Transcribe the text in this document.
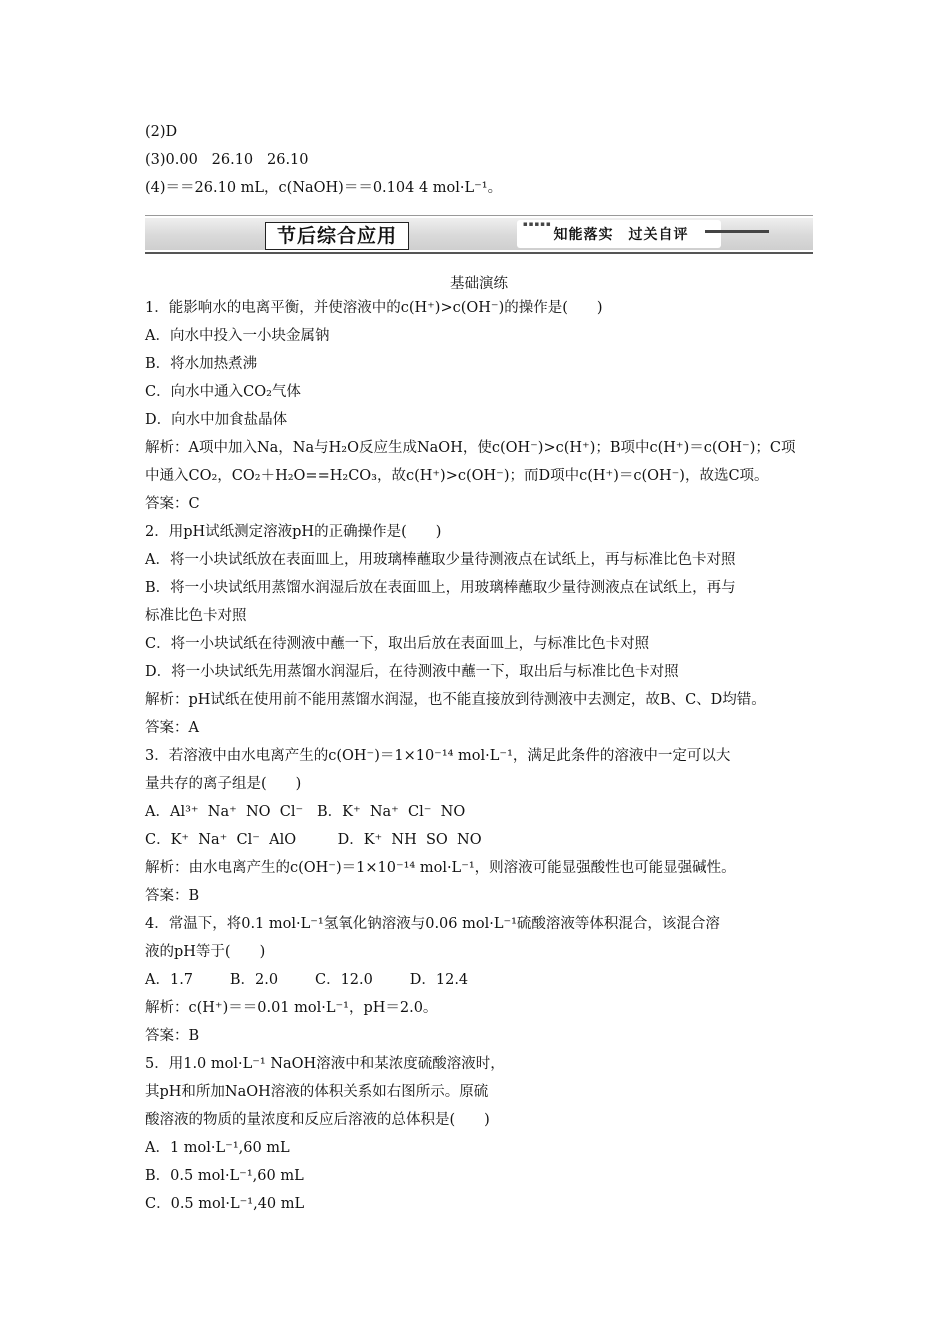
(2)D
(3)0.00   26.10   26.10
(4)＝＝26.10 mL，c(NaOH)＝＝0.104 4 mol·L⁻¹。
节后综合应用
▪▪▪▪▪
知能落实　过关自评
基础演练
1．能影响水的电离平衡，并使溶液中的c(H⁺)>c(OH⁻)的操作是(　　)
A．向水中投入一小块金属钠
B．将水加热煮沸
C．向水中通入CO₂气体
D．向水中加食盐晶体
解析：A项中加入Na，Na与H₂O反应生成NaOH，使c(OH⁻)>c(H⁺)；B项中c(H⁺)＝c(OH⁻)；C项
中通入CO₂，CO₂＋H₂O==H₂CO₃，故c(H⁺)>c(OH⁻)；而D项中c(H⁺)＝c(OH⁻)，故选C项。
答案：C
2．用pH试纸测定溶液pH的正确操作是(　　)
A．将一小块试纸放在表面皿上，用玻璃棒蘸取少量待测液点在试纸上，再与标准比色卡对照
B．将一小块试纸用蒸馏水润湿后放在表面皿上，用玻璃棒蘸取少量待测液点在试纸上，再与
标准比色卡对照
C．将一小块试纸在待测液中蘸一下，取出后放在表面皿上，与标准比色卡对照
D．将一小块试纸先用蒸馏水润湿后，在待测液中蘸一下，取出后与标准比色卡对照
解析：pH试纸在使用前不能用蒸馏水润湿，也不能直接放到待测液中去测定，故B、C、D均错。
答案：A
3．若溶液中由水电离产生的c(OH⁻)＝1×10⁻¹⁴ mol·L⁻¹，满足此条件的溶液中一定可以大
量共存的离子组是(　　)
A．Al³⁺  Na⁺  NO  Cl⁻   B．K⁺  Na⁺  Cl⁻  NO
C．K⁺  Na⁺  Cl⁻  AlO         D．K⁺  NH  SO  NO
解析：由水电离产生的c(OH⁻)＝1×10⁻¹⁴ mol·L⁻¹，则溶液可能显强酸性也可能显强碱性。
答案：B
4．常温下，将0.1 mol·L⁻¹氢氧化钠溶液与0.06 mol·L⁻¹硫酸溶液等体积混合，该混合溶
液的pH等于(　　)
A．1.7        B．2.0        C．12.0        D．12.4
解析：c(H⁺)＝＝0.01 mol·L⁻¹，pH＝2.0。
答案：B
5．用1.0 mol·L⁻¹ NaOH溶液中和某浓度硫酸溶液时，
其pH和所加NaOH溶液的体积关系如右图所示。原硫
酸溶液的物质的量浓度和反应后溶液的总体积是(　　)
A．1 mol·L⁻¹,60 mL
B．0.5 mol·L⁻¹,60 mL
C．0.5 mol·L⁻¹,40 mL
